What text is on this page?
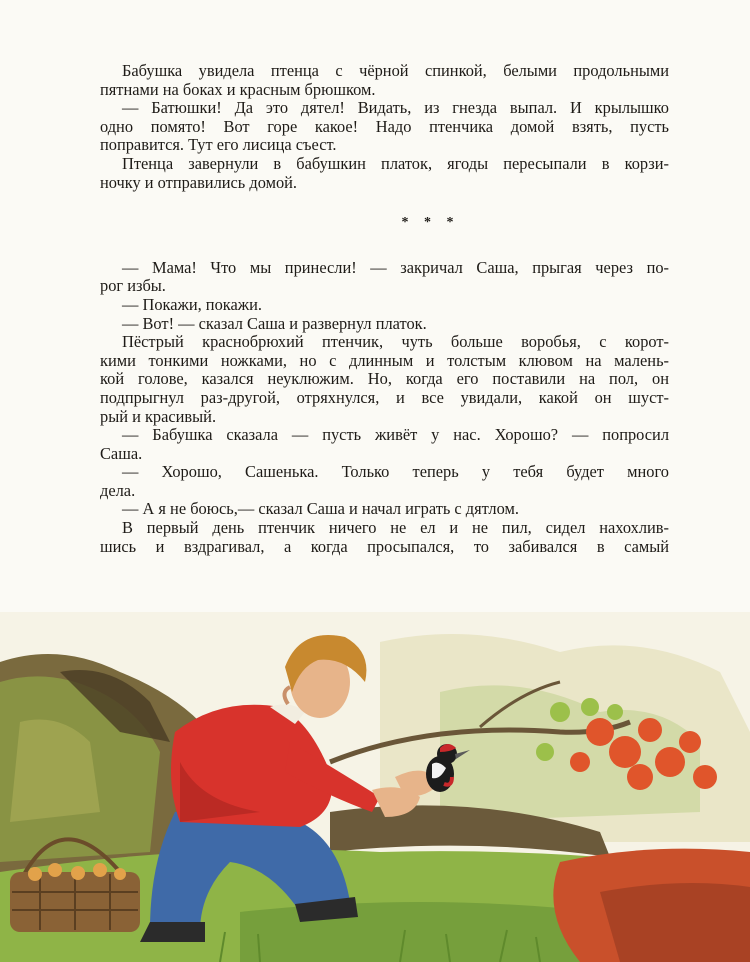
Бабушка увидела птенца с чёрной спинкой, белыми продольными
пятнами на боках и красным брюшком.

— Батюшки! Да это дятел! Видать, из гнезда выпал. И крылышко
одно помято! Вот горе какое! Надо птенчика домой взять, пусть
поправится. Тут его лисица съест.

Птенца завернули в бабушкин платок, ягоды пересыпали в корзи-
ночку и отправились домой.

* * *

— Мама! Что мы принесли! — закричал Саша, прыгая через по-
рог избы.

— Покажи, покажи.

— Вот! — сказал Саша и развернул платок.

Пёстрый краснобрюхий птенчик, чуть больше воробья, с корот-
кими тонкими ножками, но с длинным и толстым клювом на малень-
кой голове, казался неуклюжим. Но, когда его поставили на пол, он
подпрыгнул раз-другой, отряхнулся, и все увидали, какой он шуст-
рый и красивый.

— Бабушка сказала — пусть живёт у нас. Хорошо? — попросил
Саша.

— Хорошо, Сашенька. Только теперь у тебя будет много
дела.

— А я не боюсь,— сказал Саша и начал играть с дятлом.

В первый день птенчик ничего не ел и не пил, сидел нахохлив-
шись и вздрагивал, а когда просыпался, то забивался в самый
